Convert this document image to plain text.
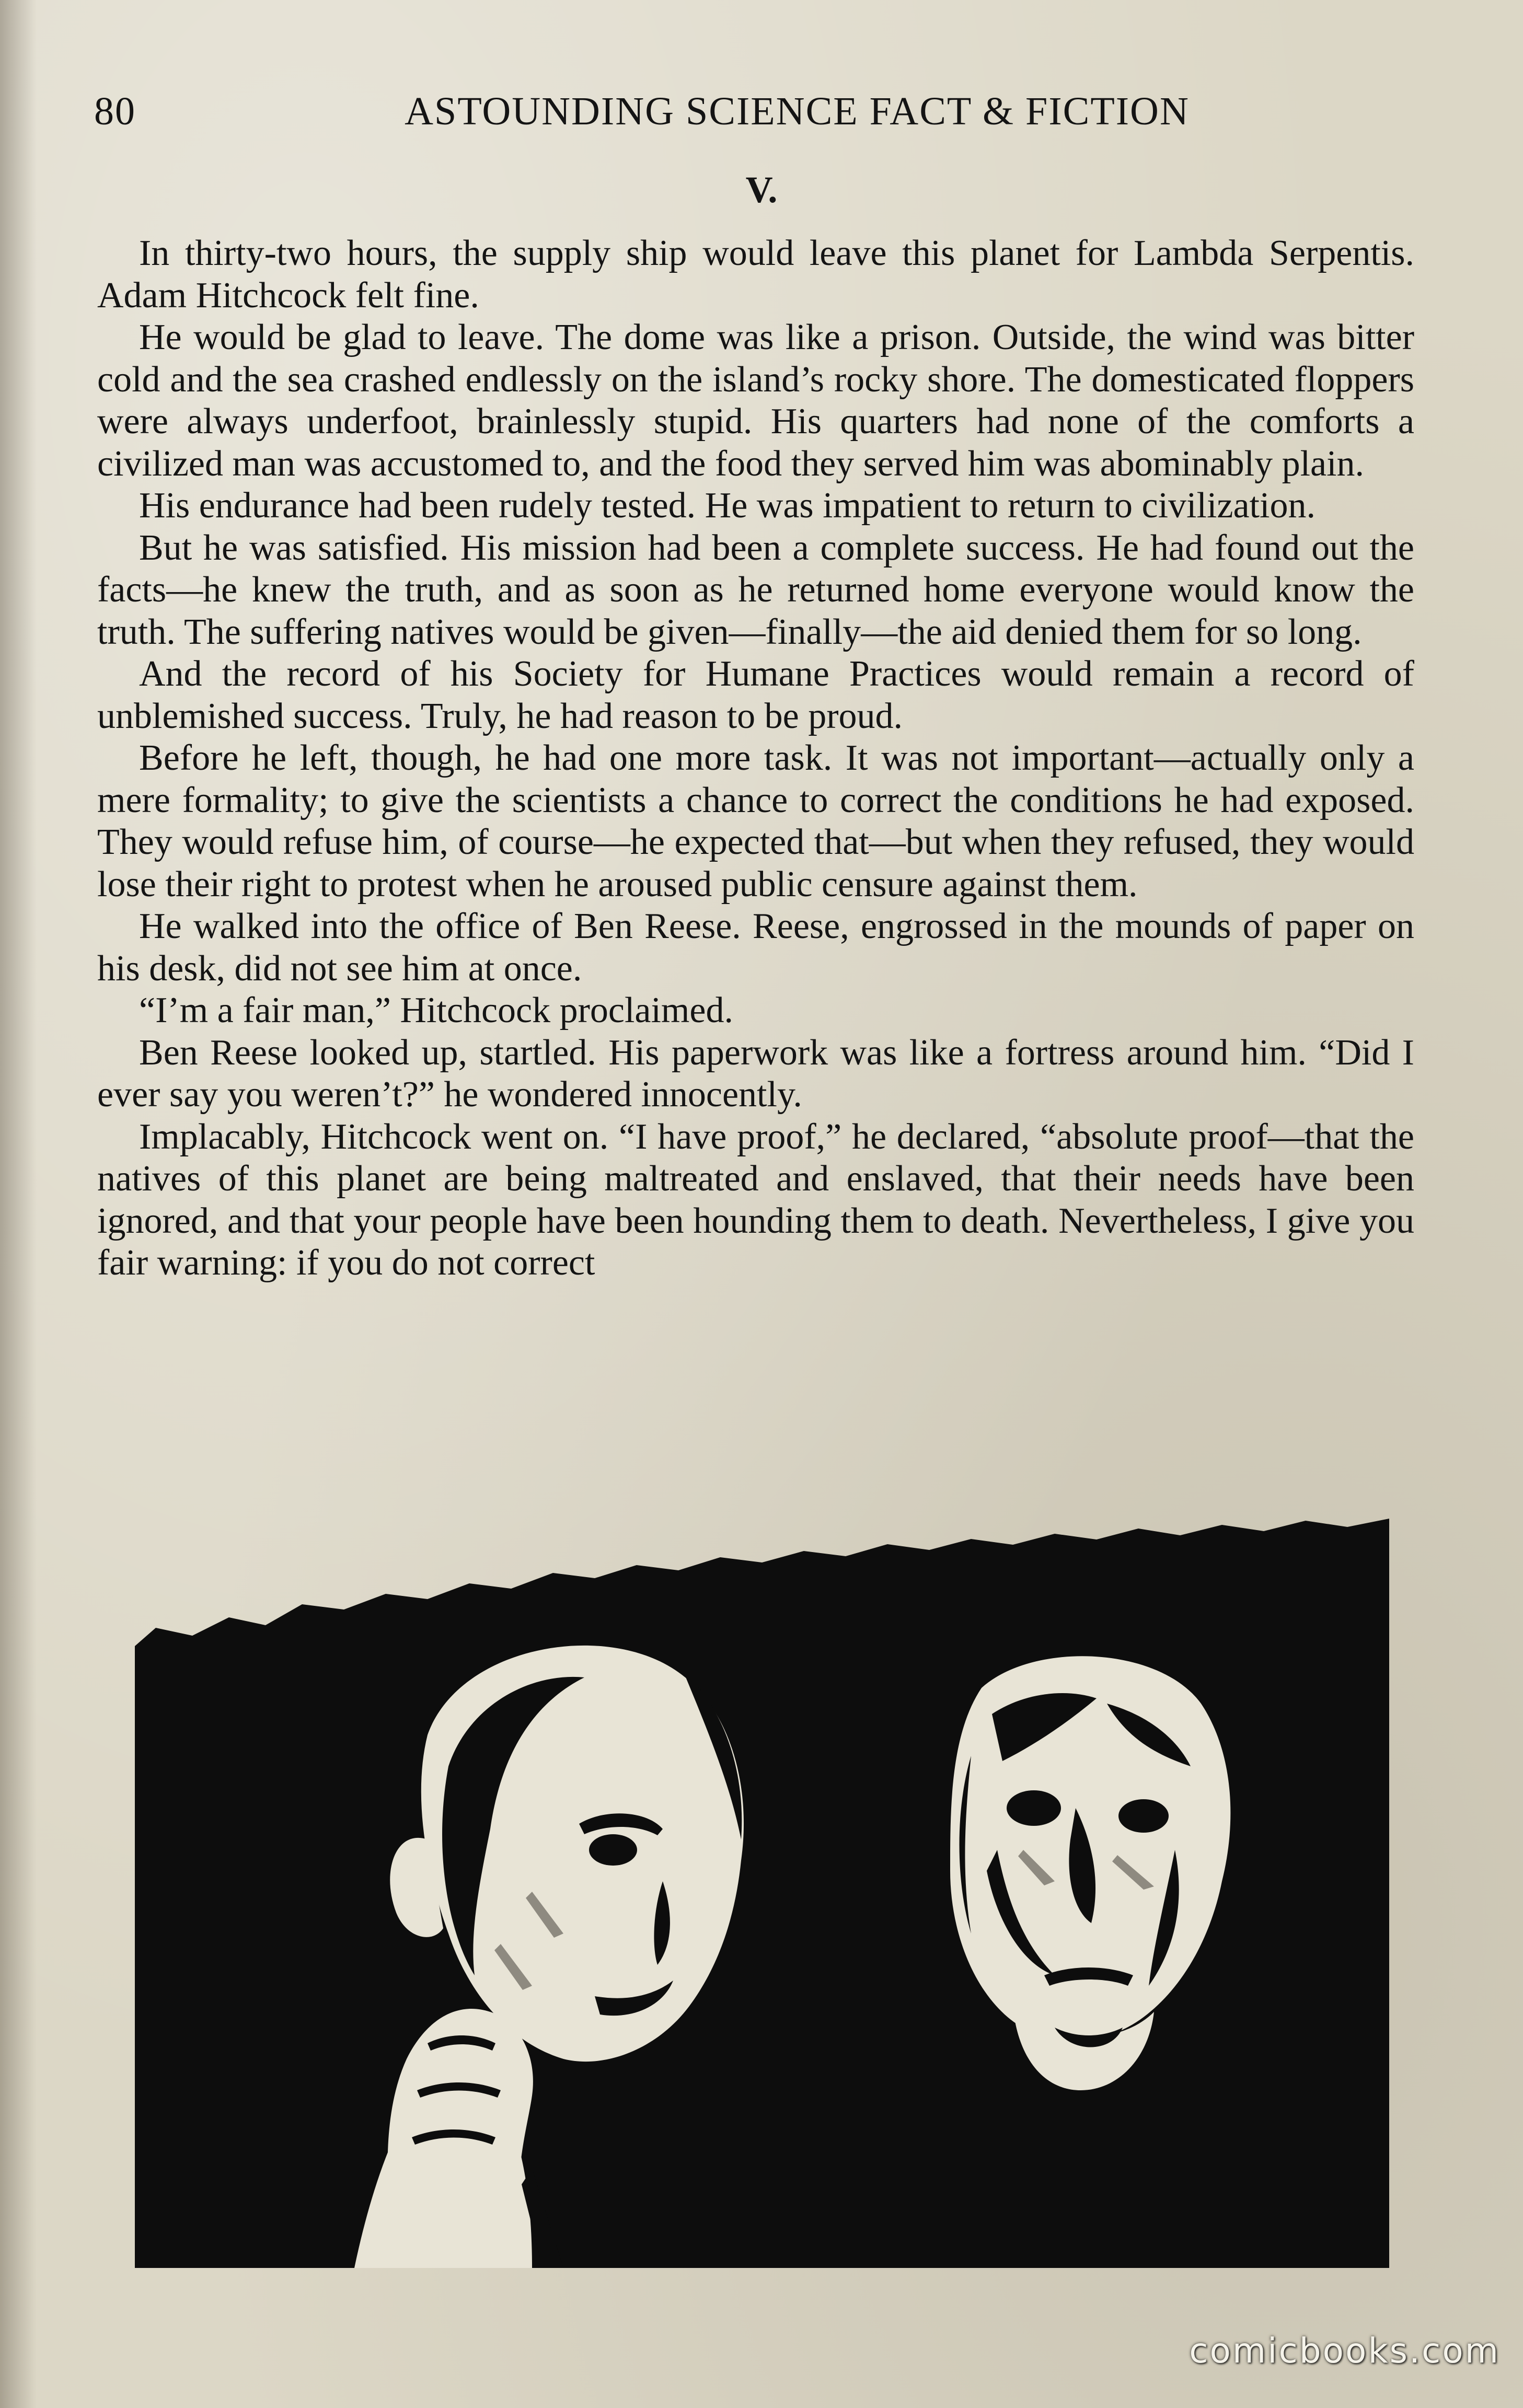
80	ASTOUNDING SCIENCE FACT & FICTION
V.

In thirty-two hours, the supply ship would leave this planet for Lambda Serpentis. Adam Hitchcock felt fine.

He would be glad to leave. The dome was like a prison. Outside, the wind was bitter cold and the sea crashed endlessly on the island’s rocky shore. The domesticated floppers were always underfoot, brainlessly stupid. His quarters had none of the comforts a civilized man was accustomed to, and the food they served him was abominably plain.

His endurance had been rudely tested. He was impatient to return to civilization.

But he was satisfied. His mission had been a complete success. He had found out the facts—he knew the truth, and as soon as he returned home everyone would know the truth. The suffering natives would be given—finally—the aid denied them for so long.

And the record of his Society for Humane Practices would remain a record of unblemished success. Truly, he had reason to be proud.

Before he left, though, he had one more task. It was not important—actually only a mere formality; to give the scientists a chance to correct the conditions he had exposed. They would refuse him, of course—he expected that—but when they refused, they would lose their right to protest when he aroused public censure against them.

He walked into the office of Ben Reese. Reese, engrossed in the mounds of paper on his desk, did not see him at once.

“I’m a fair man,” Hitchcock proclaimed.

Ben Reese looked up, startled. His paperwork was like a fortress around him. “Did I ever say you weren’t?” he wondered innocently.

Implacably, Hitchcock went on. “I have proof,” he declared, “absolute proof—that the natives of this planet are being maltreated and enslaved, that their needs have been ignored, and that your people have been hounding them to death. Nevertheless, I give you fair warning: if you do not correct

comicbooks.com
